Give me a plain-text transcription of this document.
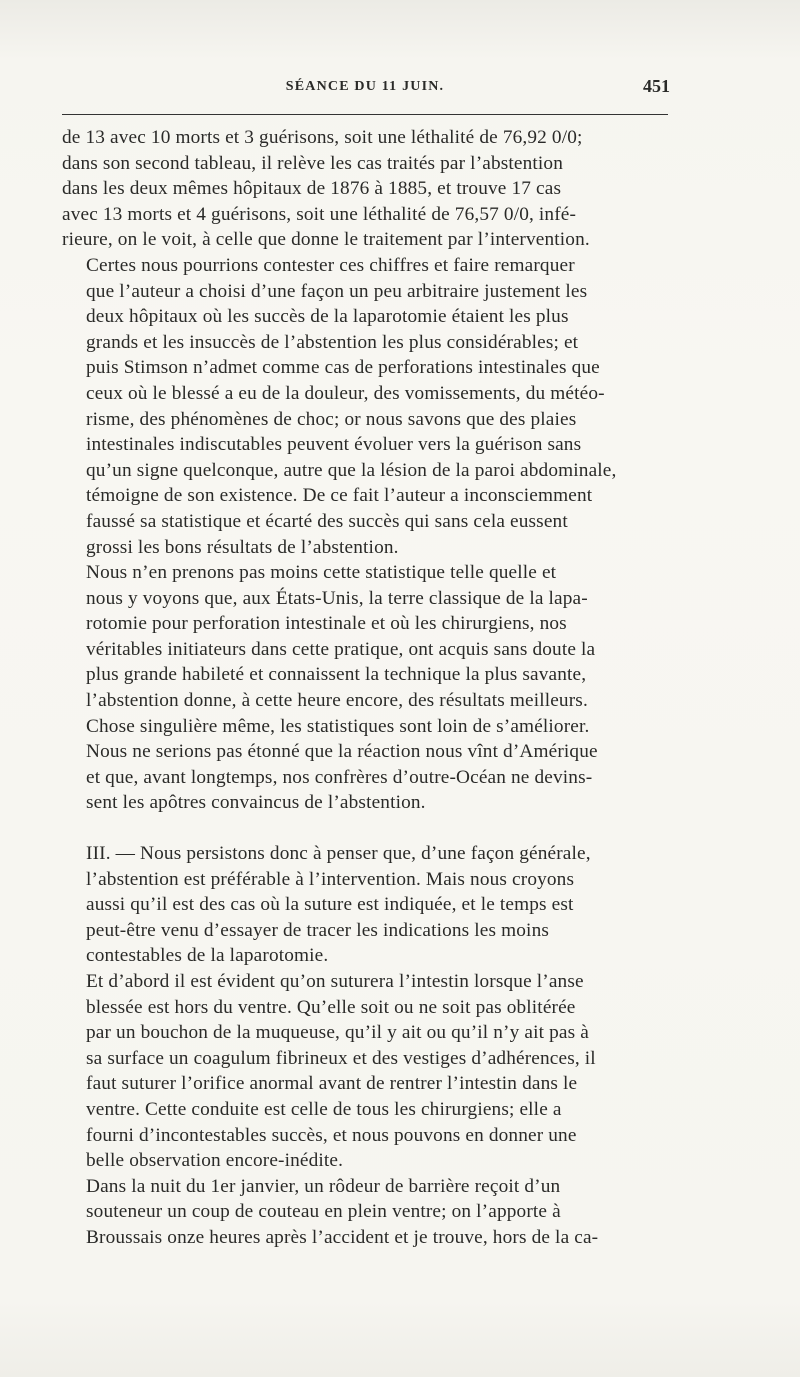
SÉANCE DU 11 JUIN.	451

de 13 avec 10 morts et 3 guérisons, soit une léthalité de 76,92 0/0;
dans son second tableau, il relève les cas traités par l’abstention
dans les deux mêmes hôpitaux de 1876 à 1885, et trouve 17 cas
avec 13 morts et 4 guérisons, soit une léthalité de 76,57 0/0, infé-
rieure, on le voit, à celle que donne le traitement par l’intervention.

Certes nous pourrions contester ces chiffres et faire remarquer
que l’auteur a choisi d’une façon un peu arbitraire justement les
deux hôpitaux où les succès de la laparotomie étaient les plus
grands et les insuccès de l’abstention les plus considérables; et
puis Stimson n’admet comme cas de perforations intestinales que
ceux où le blessé a eu de la douleur, des vomissements, du météo-
risme, des phénomènes de choc; or nous savons que des plaies
intestinales indiscutables peuvent évoluer vers la guérison sans
qu’un signe quelconque, autre que la lésion de la paroi abdominale,
témoigne de son existence. De ce fait l’auteur a inconsciemment
faussé sa statistique et écarté des succès qui sans cela eussent
grossi les bons résultats de l’abstention.

Nous n’en prenons pas moins cette statistique telle quelle et
nous y voyons que, aux États-Unis, la terre classique de la lapa-
rotomie pour perforation intestinale et où les chirurgiens, nos
véritables initiateurs dans cette pratique, ont acquis sans doute la
plus grande habileté et connaissent la technique la plus savante,
l’abstention donne, à cette heure encore, des résultats meilleurs.

Chose singulière même, les statistiques sont loin de s’améliorer.
Nous ne serions pas étonné que la réaction nous vînt d’Amérique
et que, avant longtemps, nos confrères d’outre-Océan ne devins-
sent les apôtres convaincus de l’abstention.

III. — Nous persistons donc à penser que, d’une façon générale,
l’abstention est préférable à l’intervention. Mais nous croyons
aussi qu’il est des cas où la suture est indiquée, et le temps est
peut-être venu d’essayer de tracer les indications les moins
contestables de la laparotomie.

Et d’abord il est évident qu’on suturera l’intestin lorsque l’anse
blessée est hors du ventre. Qu’elle soit ou ne soit pas oblitérée
par un bouchon de la muqueuse, qu’il y ait ou qu’il n’y ait pas à
sa surface un coagulum fibrineux et des vestiges d’adhérences, il
faut suturer l’orifice anormal avant de rentrer l’intestin dans le
ventre. Cette conduite est celle de tous les chirurgiens; elle a
fourni d’incontestables succès, et nous pouvons en donner une
belle observation encore-inédite.

Dans la nuit du 1er janvier, un rôdeur de barrière reçoit d’un
souteneur un coup de couteau en plein ventre; on l’apporte à
Broussais onze heures après l’accident et je trouve, hors de la ca-
